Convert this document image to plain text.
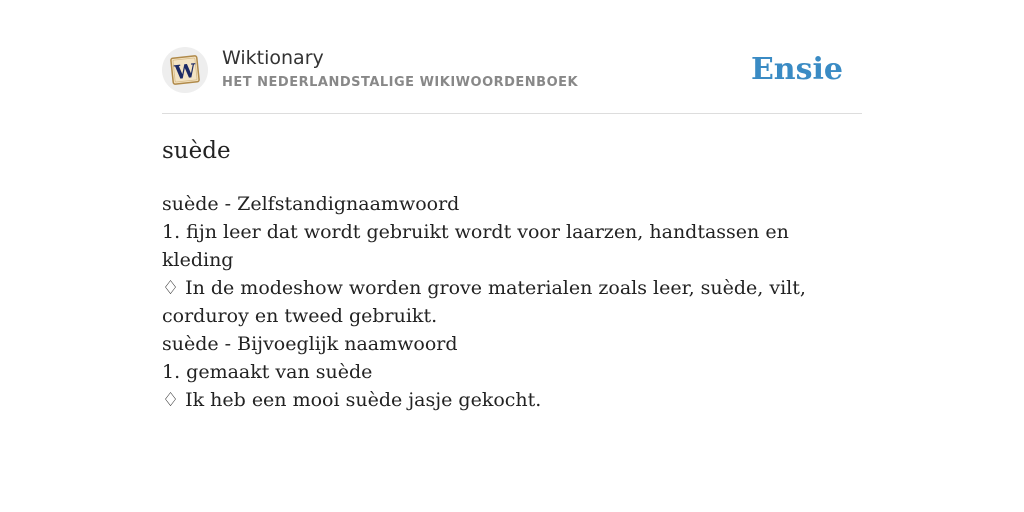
W
Wiktionary
HET NEDERLANDSTALIGE WIKIWOORDENBOEK	Ensie
suède
suède - Zelfstandignaamwoord
1. fijn leer dat wordt gebruikt wordt voor laarzen, handtassen en kleding
♢ In de modeshow worden grove materialen zoals leer, suède, vilt, corduroy en tweed gebruikt.
suède - Bijvoeglijk naamwoord
1. gemaakt van suède
♢ Ik heb een mooi suède jasje gekocht.
